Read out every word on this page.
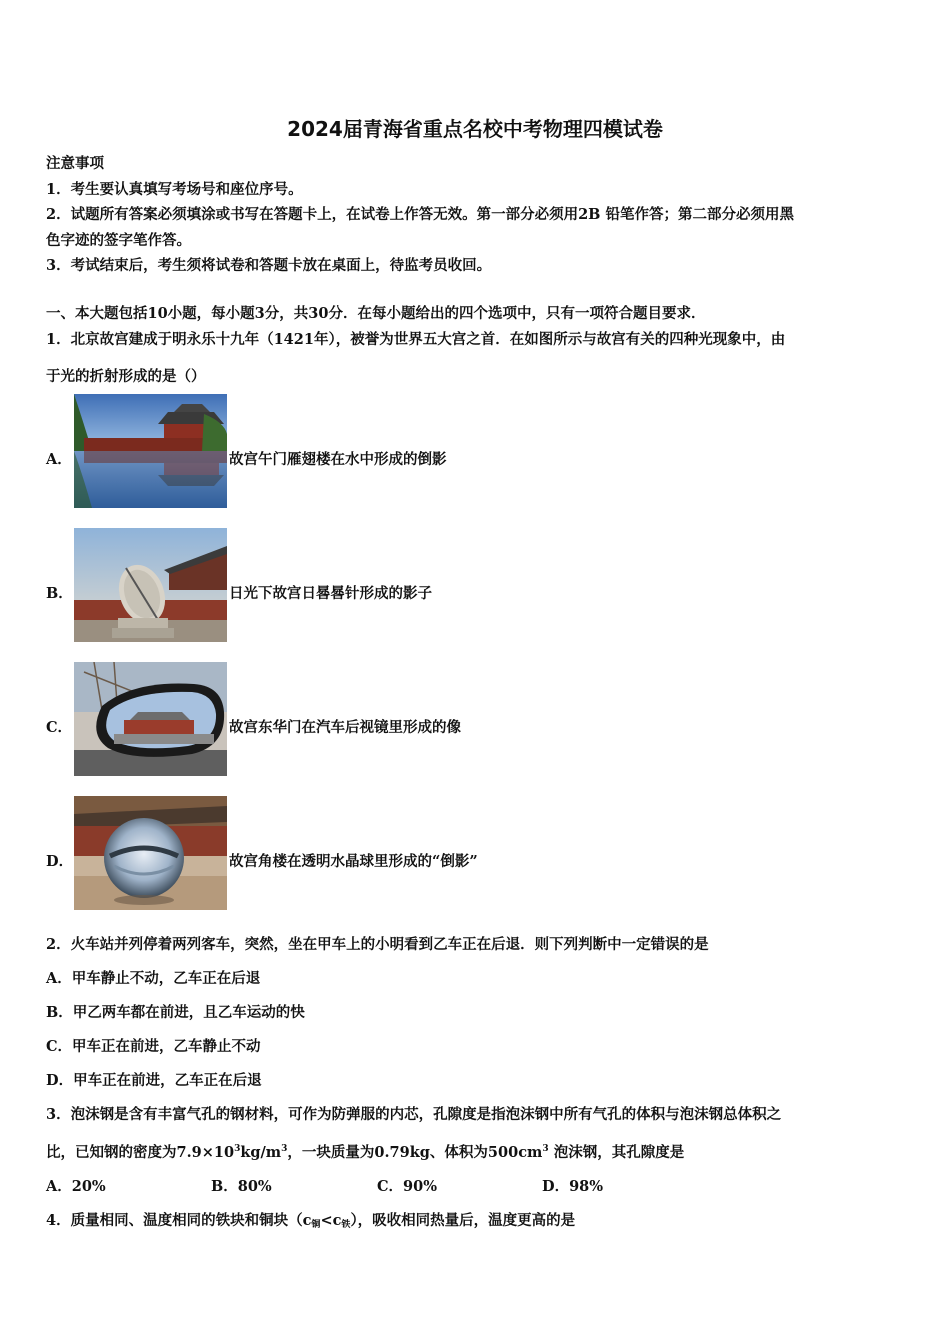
2024届青海省重点名校中考物理四模试卷
注意事项
1．考生要认真填写考场号和座位序号。
2．试题所有答案必须填涂或书写在答题卡上，在试卷上作答无效。第一部分必须用2B 铅笔作答；第二部分必须用黑
色字迹的签字笔作答。
3．考试结束后，考生须将试卷和答题卡放在桌面上，待监考员收回。
一、本大题包括10小题，每小题3分，共30分．在每小题给出的四个选项中，只有一项符合题目要求．
1．北京故宫建成于明永乐十九年（1421年），被誉为世界五大宫之首．在如图所示与故宫有关的四种光现象中，由
于光的折射形成的是（）
A．	故宫午门雁翅楼在水中形成的倒影
B．	日光下故宫日晷晷针形成的影子
C．	故宫东华门在汽车后视镜里形成的像
D．	故宫角楼在透明水晶球里形成的“倒影”
2．火车站并列停着两列客车，突然，坐在甲车上的小明看到乙车正在后退．则下列判断中一定错误的是
A．甲车静止不动，乙车正在后退
B．甲乙两车都在前进，且乙车运动的快
C．甲车正在前进，乙车静止不动
D．甲车正在前进，乙车正在后退
3．泡沫钢是含有丰富气孔的钢材料，可作为防弹服的内芯，孔隙度是指泡沫钢中所有气孔的体积与泡沫钢总体积之
比，已知钢的密度为$7.9\times 10^3kg/m^3$，一块质量为0.79kg、体积为$500cm^3$ 泡沫钢，其孔隙度是
A．20%	B．80%	C．90%	D．98%
4．质量相同、温度相同的铁块和铜块$(c_铜<c_铁)$，吸收相同热量后，温度更高的是
